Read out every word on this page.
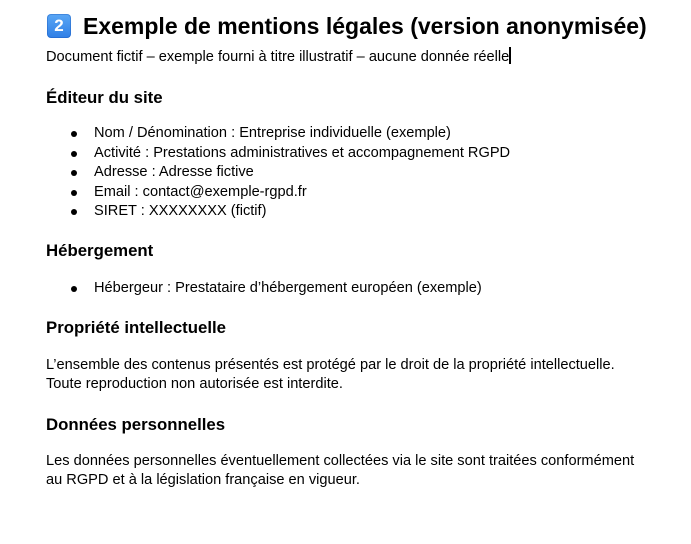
2 Exemple de mentions légales (version anonymisée)
Document fictif – exemple fourni à titre illustratif – aucune donnée réelle
Éditeur du site
Nom / Dénomination : Entreprise individuelle (exemple)
Activité : Prestations administratives et accompagnement RGPD
Adresse : Adresse fictive
Email : contact@exemple-rgpd.fr
SIRET : XXXXXXXX (fictif)
Hébergement
Hébergeur : Prestataire d’hébergement européen (exemple)
Propriété intellectuelle
L’ensemble des contenus présentés est protégé par le droit de la propriété intellectuelle.
Toute reproduction non autorisée est interdite.
Données personnelles
Les données personnelles éventuellement collectées via le site sont traitées conformément
au RGPD et à la législation française en vigueur.
